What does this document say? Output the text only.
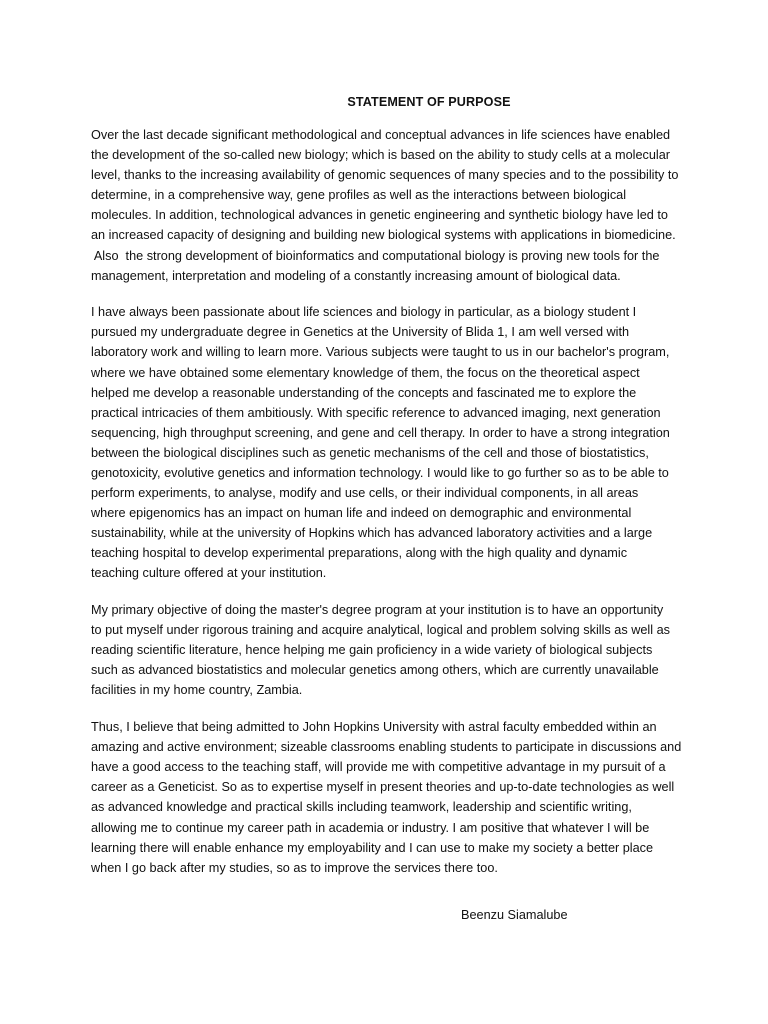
STATEMENT OF PURPOSE

Over the last decade significant methodological and conceptual advances in life sciences have enabled
the development of the so-called new biology; which is based on the ability to study cells at a molecular
level, thanks to the increasing availability of genomic sequences of many species and to the possibility to
determine, in a comprehensive way, gene profiles as well as the interactions between biological
molecules. In addition, technological advances in genetic engineering and synthetic biology have led to
an increased capacity of designing and building new biological systems with applications in biomedicine.
Also  the strong development of bioinformatics and computational biology is proving new tools for the
management, interpretation and modeling of a constantly increasing amount of biological data.

I have always been passionate about life sciences and biology in particular, as a biology student I
pursued my undergraduate degree in Genetics at the University of Blida 1, I am well versed with
laboratory work and willing to learn more. Various subjects were taught to us in our bachelor's program,
where we have obtained some elementary knowledge of them, the focus on the theoretical aspect
helped me develop a reasonable understanding of the concepts and fascinated me to explore the
practical intricacies of them ambitiously. With specific reference to advanced imaging, next generation
sequencing, high throughput screening, and gene and cell therapy. In order to have a strong integration
between the biological disciplines such as genetic mechanisms of the cell and those of biostatistics,
genotoxicity, evolutive genetics and information technology. I would like to go further so as to be able to
perform experiments, to analyse, modify and use cells, or their individual components, in all areas
where epigenomics has an impact on human life and indeed on demographic and environmental
sustainability, while at the university of Hopkins which has advanced laboratory activities and a large
teaching hospital to develop experimental preparations, along with the high quality and dynamic
teaching culture offered at your institution.

My primary objective of doing the master's degree program at your institution is to have an opportunity
to put myself under rigorous training and acquire analytical, logical and problem solving skills as well as
reading scientific literature, hence helping me gain proficiency in a wide variety of biological subjects
such as advanced biostatistics and molecular genetics among others, which are currently unavailable
facilities in my home country, Zambia.

Thus, I believe that being admitted to John Hopkins University with astral faculty embedded within an
amazing and active environment; sizeable classrooms enabling students to participate in discussions and
have a good access to the teaching staff, will provide me with competitive advantage in my pursuit of a
career as a Geneticist. So as to expertise myself in present theories and up-to-date technologies as well
as advanced knowledge and practical skills including teamwork, leadership and scientific writing,
allowing me to continue my career path in academia or industry. I am positive that whatever I will be
learning there will enable enhance my employability and I can use to make my society a better place
when I go back after my studies, so as to improve the services there too.

Beenzu Siamalube
